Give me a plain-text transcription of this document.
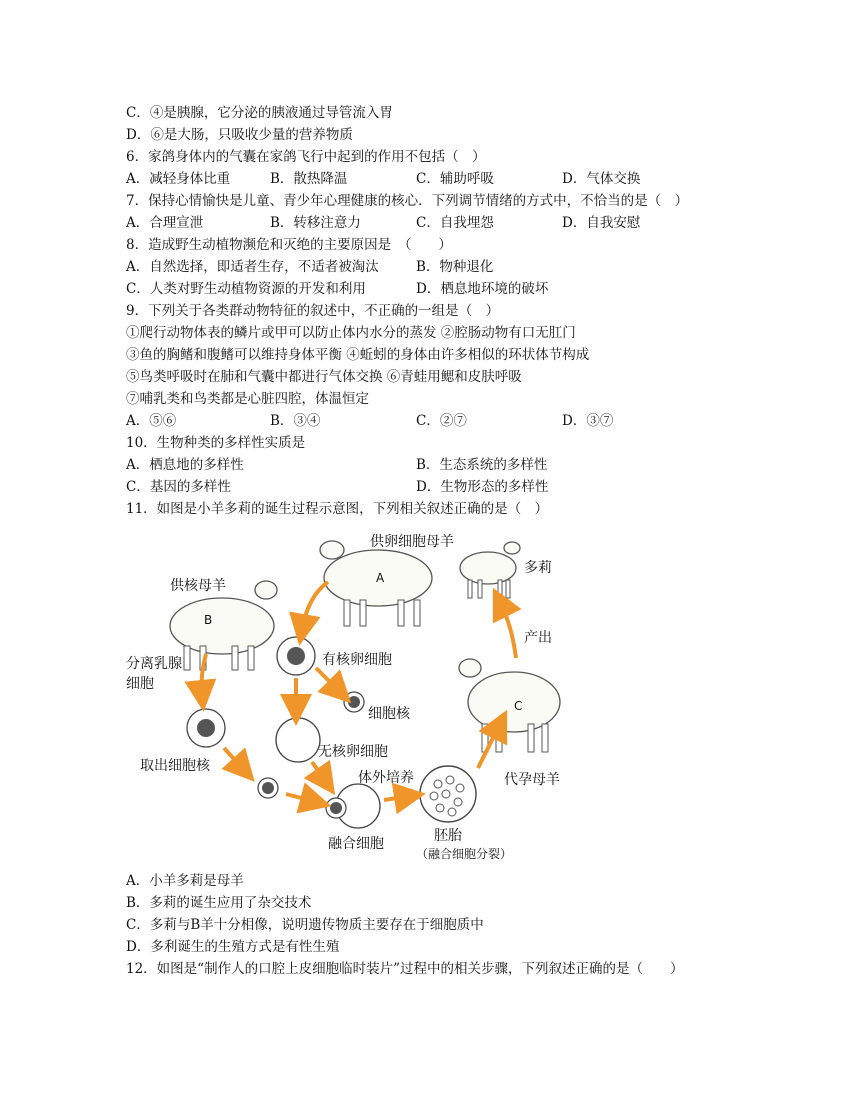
C．④是胰腺，它分泌的胰液通过导管流入胃
D．⑥是大肠，只吸收少量的营养物质
6．家鸽身体内的气囊在家鸽飞行中起到的作用不包括（　）
A．减轻身体比重	B．散热降温	C．辅助呼吸	D．气体交换
7．保持心情愉快是儿童、青少年心理健康的核心．下列调节情绪的方式中，不恰当的是（　）
A．合理宣泄	B．转移注意力	C．自我埋怨	D．自我安慰
8．造成野生动植物濒危和灭绝的主要原因是　（　　）
A．自然选择，即适者生存，不适者被淘汰	B．物种退化
C．人类对野生动植物资源的开发和利用	D．栖息地环境的破坏
9．下列关于各类群动物特征的叙述中，不正确的一组是（　）
①爬行动物体表的鳞片或甲可以防止体内水分的蒸发 ②腔肠动物有口无肛门
③鱼的胸鳍和腹鳍可以维持身体平衡 ④蚯蚓的身体由许多相似的环状体节构成
⑤鸟类呼吸时在肺和气囊中都进行气体交换 ⑥青蛙用鳃和皮肤呼吸
⑦哺乳类和鸟类都是心脏四腔，体温恒定
A．⑤⑥	B．③④	C．②⑦	D．③⑦
10．生物种类的多样性实质是
A．栖息地的多样性	B．生态系统的多样性
C．基因的多样性	D．生物形态的多样性
11．如图是小羊多莉的诞生过程示意图，下列相关叙述正确的是（　）
A
供卵细胞母羊
多莉
B
供核母羊
分离乳腺
细胞
C
产出
代孕母羊
有核卵细胞
细胞核
无核卵细胞
取出细胞核
融合细胞
体外培养
胚胎
（融合细胞分裂）
A．小羊多莉是母羊
B．多莉的诞生应用了杂交技术
C．多莉与B羊十分相像，说明遗传物质主要存在于细胞质中
D．多利诞生的生殖方式是有性生殖
12．如图是“制作人的口腔上皮细胞临时装片”过程中的相关步骤，下列叙述正确的是（　　）
